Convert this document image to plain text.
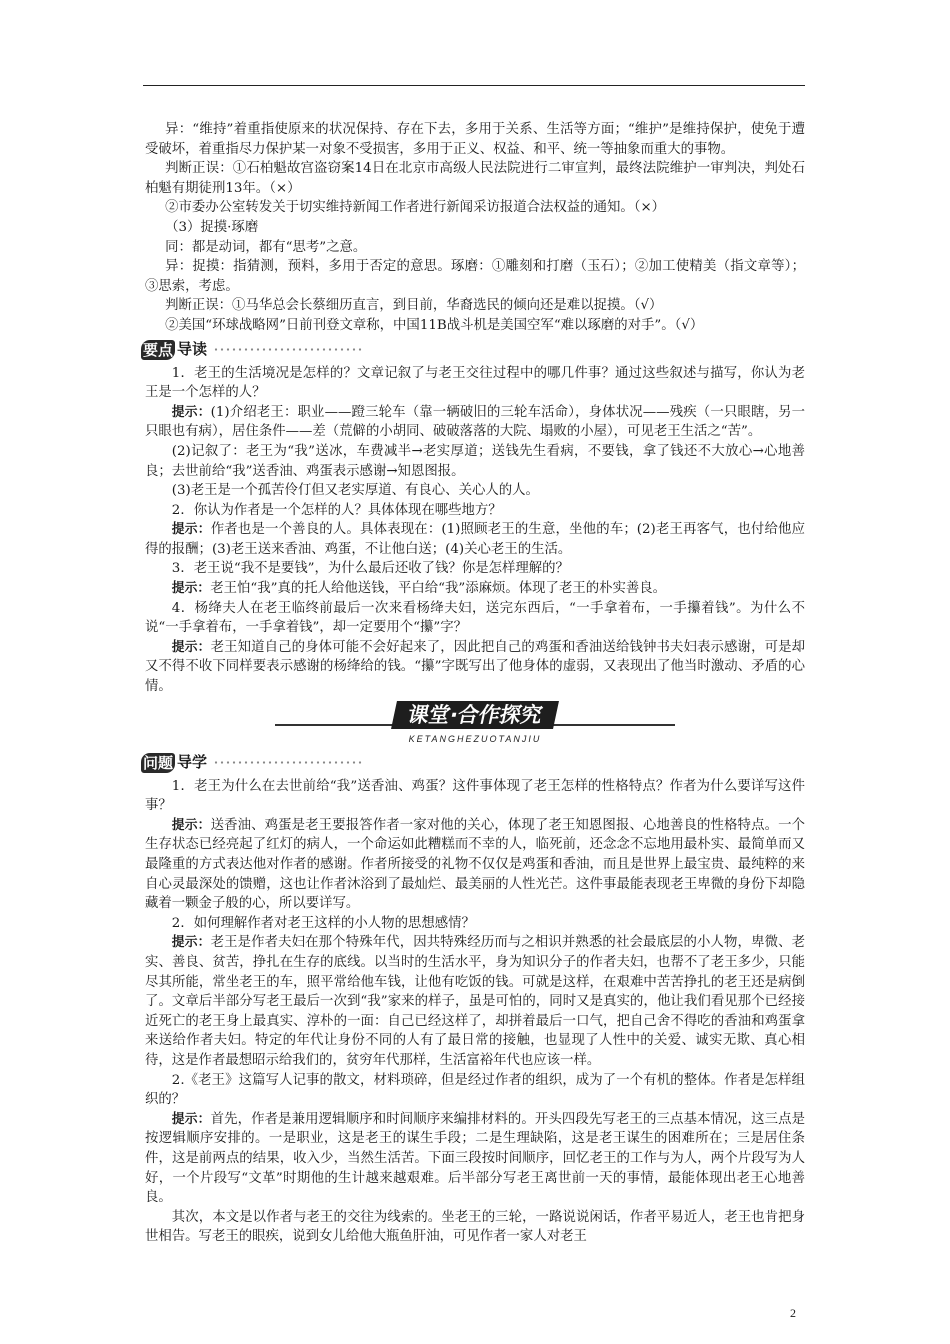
异：“维持”着重指使原来的状况保持、存在下去，多用于关系、生活等方面；“维护”是维持保护，使免于遭受破坏，着重指尽力保护某一对象不受损害，多用于正义、权益、和平、统一等抽象而重大的事物。

判断正误：①石柏魁故宫盗窃案14日在北京市高级人民法院进行二审宣判，最终法院维护一审判决，判处石柏魁有期徒刑13年。（×）

②市委办公室转发关于切实维持新闻工作者进行新闻采访报道合法权益的通知。（×）

（3）捉摸·琢磨

同：都是动词，都有“思考”之意。

异：捉摸：指猜测，预料，多用于否定的意思。琢磨：①雕刻和打磨（玉石）；②加工使精美（指文章等）；③思索，考虑。

判断正误：①马华总会长蔡细历直言，到目前，华裔选民的倾向还是难以捉摸。（√）

②美国“环球战略网”日前刊登文章称，中国11B战斗机是美国空军“难以琢磨的对手”。（√）

要点 导读

1．老王的生活境况是怎样的？文章记叙了与老王交往过程中的哪几件事？通过这些叙述与描写，你认为老王是一个怎样的人？

提示：(1)介绍老王：职业——蹬三轮车（靠一辆破旧的三轮车活命），身体状况——残疾（一只眼瞎，另一只眼也有病），居住条件——差（荒僻的小胡同、破破落落的大院、塌败的小屋），可见老王生活之“苦”。

(2)记叙了：老王为“我”送冰，车费减半→老实厚道；送钱先生看病，不要钱，拿了钱还不大放心→心地善良；去世前给“我”送香油、鸡蛋表示感谢→知恩图报。

(3)老王是一个孤苦伶仃但又老实厚道、有良心、关心人的人。

2．你认为作者是一个怎样的人？具体体现在哪些地方？

提示：作者也是一个善良的人。具体表现在：(1)照顾老王的生意，坐他的车；(2)老王再客气，也付给他应得的报酬；(3)老王送来香油、鸡蛋，不让他白送；(4)关心老王的生活。

3．老王说“我不是要钱”，为什么最后还收了钱？你是怎样理解的？

提示：老王怕“我”真的托人给他送钱，平白给“我”添麻烦。体现了老王的朴实善良。

4．杨绛夫人在老王临终前最后一次来看杨绛夫妇，送完东西后，“一手拿着布，一手攥着钱”。为什么不说“一手拿着布，一手拿着钱”，却一定要用个“攥”字？

提示：老王知道自己的身体可能不会好起来了，因此把自己的鸡蛋和香油送给钱钟书夫妇表示感谢，可是却又不得不收下同样要表示感谢的杨绛给的钱。“攥”字既写出了他身体的虚弱，又表现出了他当时激动、矛盾的心情。

课堂·合作探究
KETANGHEZUOTANJIU
问题 导学

1．老王为什么在去世前给“我”送香油、鸡蛋？这件事体现了老王怎样的性格特点？作者为什么要详写这件事？

提示：送香油、鸡蛋是老王要报答作者一家对他的关心，体现了老王知恩图报、心地善良的性格特点。一个生存状态已经亮起了红灯的病人，一个命运如此糟糕而不幸的人，临死前，还念念不忘地用最朴实、最简单而又最隆重的方式表达他对作者的感谢。作者所接受的礼物不仅仅是鸡蛋和香油，而且是世界上最宝贵、最纯粹的来自心灵最深处的馈赠，这也让作者沐浴到了最灿烂、最美丽的人性光芒。这件事最能表现老王卑微的身份下却隐藏着一颗金子般的心，所以要详写。

2．如何理解作者对老王这样的小人物的思想感情？

提示：老王是作者夫妇在那个特殊年代，因共特殊经历而与之相识并熟悉的社会最底层的小人物，卑微、老实、善良、贫苦，挣扎在生存的底线。以当时的生活水平，身为知识分子的作者夫妇，也帮不了老王多少，只能尽其所能，常坐老王的车，照平常给他车钱，让他有吃饭的钱。可就是这样，在艰难中苦苦挣扎的老王还是病倒了。文章后半部分写老王最后一次到“我”家来的样子，虽是可怕的，同时又是真实的，他让我们看见那个已经接近死亡的老王身上最真实、淳朴的一面：自己已经这样了，却拼着最后一口气，把自己舍不得吃的香油和鸡蛋拿来送给作者夫妇。特定的年代让身份不同的人有了最日常的接触，也显现了人性中的关爱、诚实无欺、真心相待，这是作者最想昭示给我们的，贫穷年代那样，生活富裕年代也应该一样。

2.《老王》这篇写人记事的散文，材料琐碎，但是经过作者的组织，成为了一个有机的整体。作者是怎样组织的？

提示：首先，作者是兼用逻辑顺序和时间顺序来编排材料的。开头四段先写老王的三点基本情况，这三点是按逻辑顺序安排的。一是职业，这是老王的谋生手段；二是生理缺陷，这是老王谋生的困难所在；三是居住条件，这是前两点的结果，收入少，当然生活苦。下面三段按时间顺序，回忆老王的工作与为人，两个片段写为人好，一个片段写“文革”时期他的生计越来越艰难。后半部分写老王离世前一天的事情，最能体现出老王心地善良。

其次，本文是以作者与老王的交往为线索的。坐老王的三轮，一路说说闲话，作者平易近人，老王也肯把身世相告。写老王的眼疾，说到女儿给他大瓶鱼肝油，可见作者一家人对老王

2
